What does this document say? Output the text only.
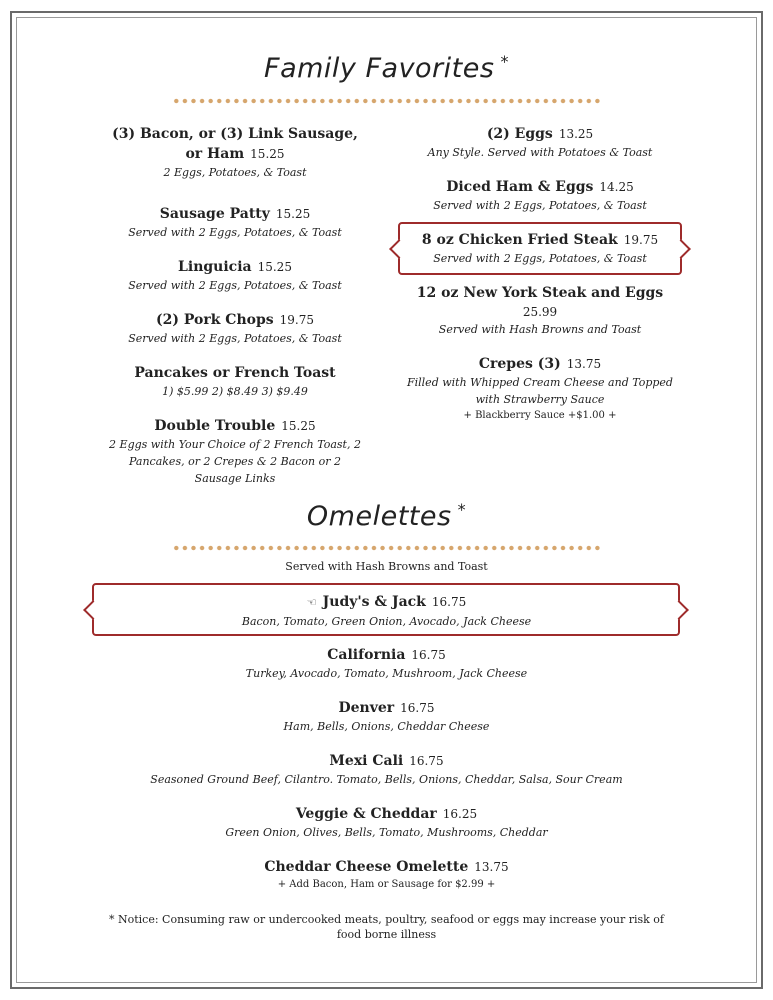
Family Favorites *
(3) Bacon, or (3) Link Sausage, or Ham 15.25
2 Eggs, Potatoes, & Toast
Sausage Patty 15.25
Served with 2 Eggs, Potatoes, & Toast
Linguicia 15.25
Served with 2 Eggs, Potatoes, & Toast
(2) Pork Chops 19.75
Served with 2 Eggs, Potatoes, & Toast
Pancakes or French Toast
1) $5.99 2) $8.49 3) $9.49
Double Trouble 15.25
2 Eggs with Your Choice of 2 French Toast, 2 Pancakes, or 2 Crepes & 2 Bacon or 2 Sausage Links
(2) Eggs 13.25
Any Style. Served with Potatoes & Toast
Diced Ham & Eggs 14.25
Served with 2 Eggs, Potatoes, & Toast
8 oz Chicken Fried Steak 19.75
Served with 2 Eggs, Potatoes, & Toast
12 oz New York Steak and Eggs
25.99
Served with Hash Browns and Toast
Crepes (3) 13.75
Filled with Whipped Cream Cheese and Topped with Strawberry Sauce
+ Blackberry Sauce +$1.00 +
Omelettes *
Served with Hash Browns and Toast
☜ Judy's & Jack 16.75
Bacon, Tomato, Green Onion, Avocado, Jack Cheese
California 16.75
Turkey, Avocado, Tomato, Mushroom, Jack Cheese
Denver 16.75
Ham, Bells, Onions, Cheddar Cheese
Mexi Cali 16.75
Seasoned Ground Beef, Cilantro. Tomato, Bells, Onions, Cheddar, Salsa, Sour Cream
Veggie & Cheddar 16.25
Green Onion, Olives, Bells, Tomato, Mushrooms, Cheddar
Cheddar Cheese Omelette 13.75
+ Add Bacon, Ham or Sausage for $2.99 +
* Notice: Consuming raw or undercooked meats, poultry, seafood or eggs may increase your risk of food borne illness
